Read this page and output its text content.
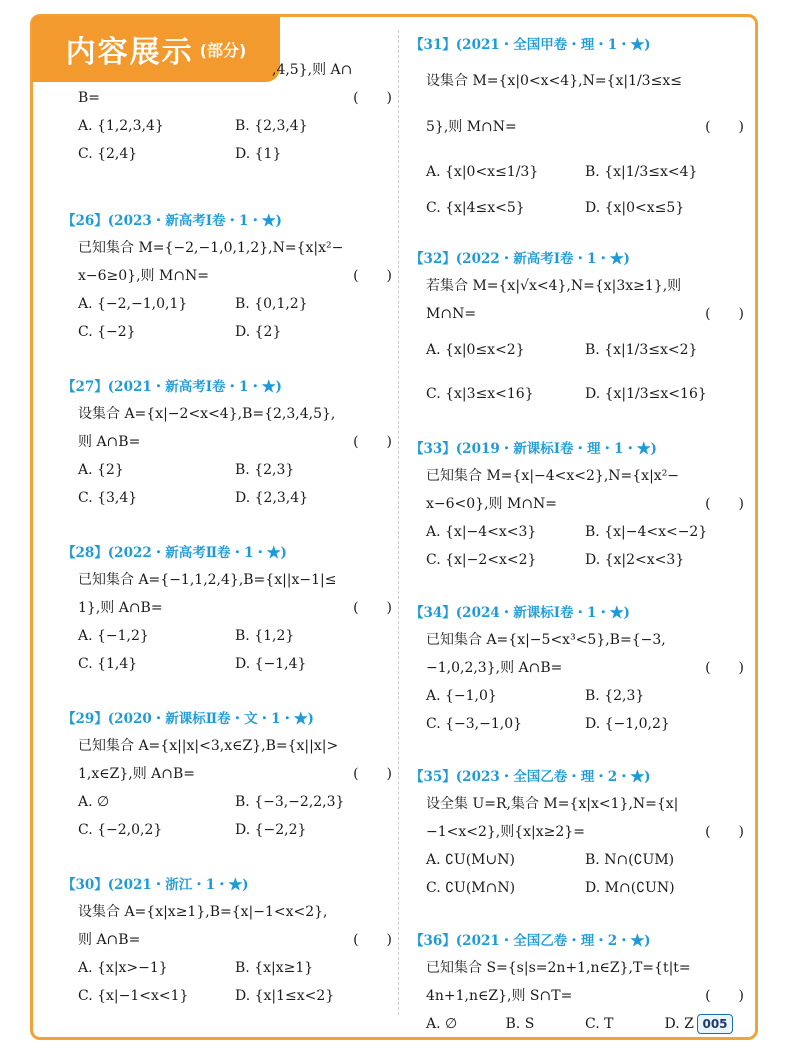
内容展示 (部分)
,4,5},则 A∩
B=	(　　)
A. {1,2,3,4}	B. {2,3,4}
C. {2,4}	D. {1}
【26】(2023・新高考Ⅰ卷・1・★)
已知集合 M={−2,−1,0,1,2},N={x|x²−
x−6≥0},则 M∩N=	(　　)
A. {−2,−1,0,1}	B. {0,1,2}
C. {−2}	D. {2}
【27】(2021・新高考Ⅰ卷・1・★)
设集合 A={x|−2<x<4},B={2,3,4,5},
则 A∩B=	(　　)
A. {2}	B. {2,3}
C. {3,4}	D. {2,3,4}
【28】(2022・新高考Ⅱ卷・1・★)
已知集合 A={−1,1,2,4},B={x||x−1|≤
1},则 A∩B=	(　　)
A. {−1,2}	B. {1,2}
C. {1,4}	D. {−1,4}
【29】(2020・新课标Ⅱ卷・文・1・★)
已知集合 A={x||x|<3,x∈Z},B={x||x|>
1,x∈Z},则 A∩B=	(　　)
A. ∅	B. {−3,−2,2,3}
C. {−2,0,2}	D. {−2,2}
【30】(2021・浙江・1・★)
设集合 A={x|x≥1},B={x|−1<x<2},
则 A∩B=	(　　)
A. {x|x>−1}	B. {x|x≥1}
C. {x|−1<x<1}	D. {x|1≤x<2}
【31】(2021・全国甲卷・理・1・★)
设集合 M={x|0<x<4},N={x|1/3≤x≤
5},则 M∩N=	(　　)
A. {x|0<x≤1/3}	B. {x|1/3≤x<4}
C. {x|4≤x<5}	D. {x|0<x≤5}
【32】(2022・新高考Ⅰ卷・1・★)
若集合 M={x|√x<4},N={x|3x≥1},则
M∩N=	(　　)
A. {x|0≤x<2}	B. {x|1/3≤x<2}
C. {x|3≤x<16}	D. {x|1/3≤x<16}
【33】(2019・新课标Ⅰ卷・理・1・★)
已知集合 M={x|−4<x<2},N={x|x²−
x−6<0},则 M∩N=	(　　)
A. {x|−4<x<3}	B. {x|−4<x<−2}
C. {x|−2<x<2}	D. {x|2<x<3}
【34】(2024・新课标Ⅰ卷・1・★)
已知集合 A={x|−5<x³<5},B={−3,
−1,0,2,3},则 A∩B=	(　　)
A. {−1,0}	B. {2,3}
C. {−3,−1,0}	D. {−1,0,2}
【35】(2023・全国乙卷・理・2・★)
设全集 U=R,集合 M={x|x<1},N={x|
−1<x<2},则{x|x≥2}=	(　　)
A. ∁U(M∪N)	B. N∩(∁UM)
C. ∁U(M∩N)	D. M∩(∁UN)
【36】(2021・全国乙卷・理・2・★)
已知集合 S={s|s=2n+1,n∈Z},T={t|t=
4n+1,n∈Z},则 S∩T=	(　　)
A. ∅	B. S	C. T	D. Z 005
